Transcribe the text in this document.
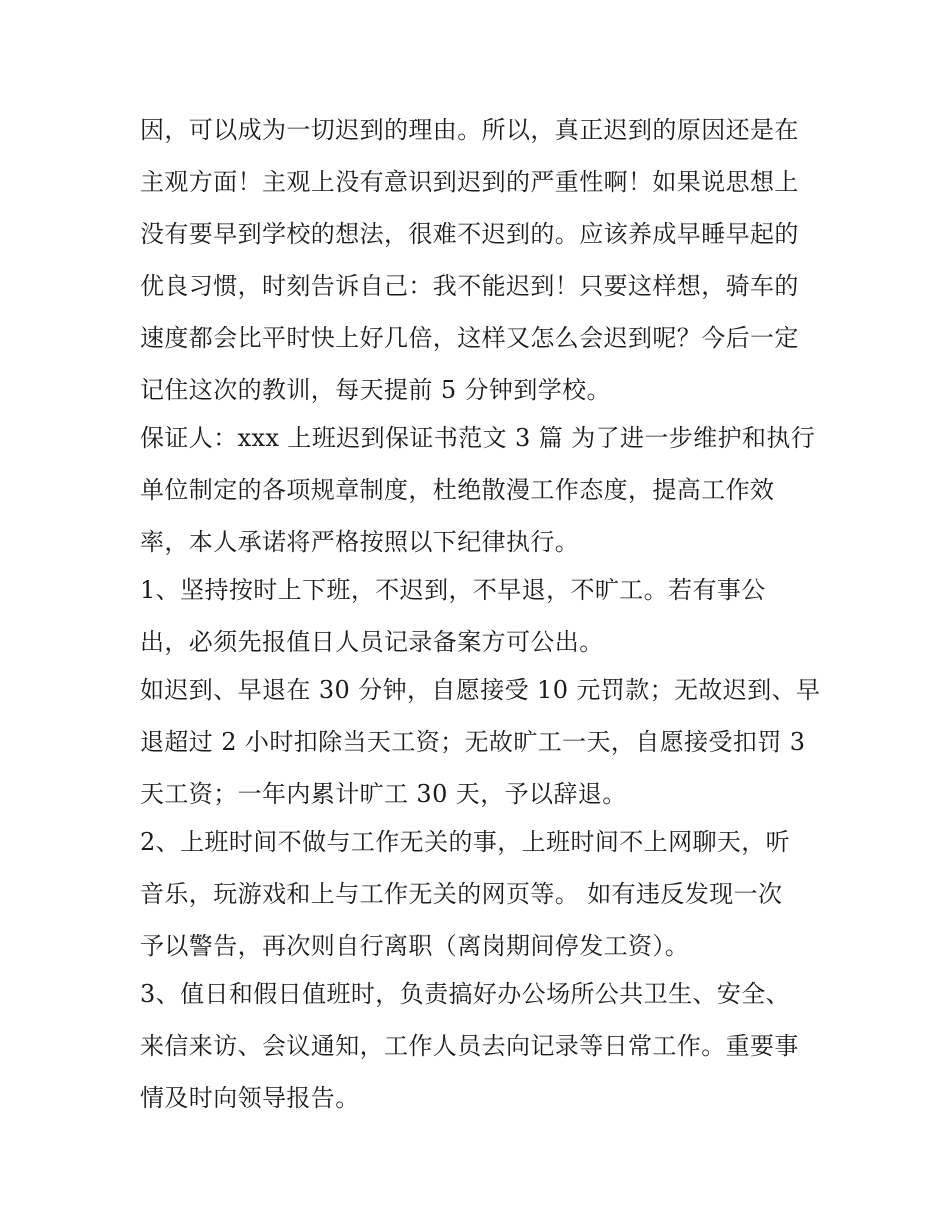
因，可以成为一切迟到的理由。所以，真正迟到的原因还是在

主观方面！主观上没有意识到迟到的严重性啊！如果说思想上

没有要早到学校的想法，很难不迟到的。应该养成早睡早起的

优良习惯，时刻告诉自己：我不能迟到！只要这样想，骑车的

速度都会比平时快上好几倍，这样又怎么会迟到呢？今后一定

记住这次的教训，每天提前 5 分钟到学校。

保证人：xxx 上班迟到保证书范文 3 篇 为了进一步维护和执行

单位制定的各项规章制度，杜绝散漫工作态度，提高工作效

率，本人承诺将严格按照以下纪律执行。

1、坚持按时上下班，不迟到，不早退，不旷工。若有事公

出，必须先报值日人员记录备案方可公出。

如迟到、早退在 30 分钟，自愿接受 10 元罚款；无故迟到、早

退超过 2 小时扣除当天工资；无故旷工一天，自愿接受扣罚 3

天工资；一年内累计旷工 30 天，予以辞退。

2、上班时间不做与工作无关的事，上班时间不上网聊天，听

音乐，玩游戏和上与工作无关的网页等。 如有违反发现一次

予以警告，再次则自行离职（离岗期间停发工资）。

3、值日和假日值班时，负责搞好办公场所公共卫生、安全、

来信来访、会议通知，工作人员去向记录等日常工作。重要事

情及时向领导报告。
